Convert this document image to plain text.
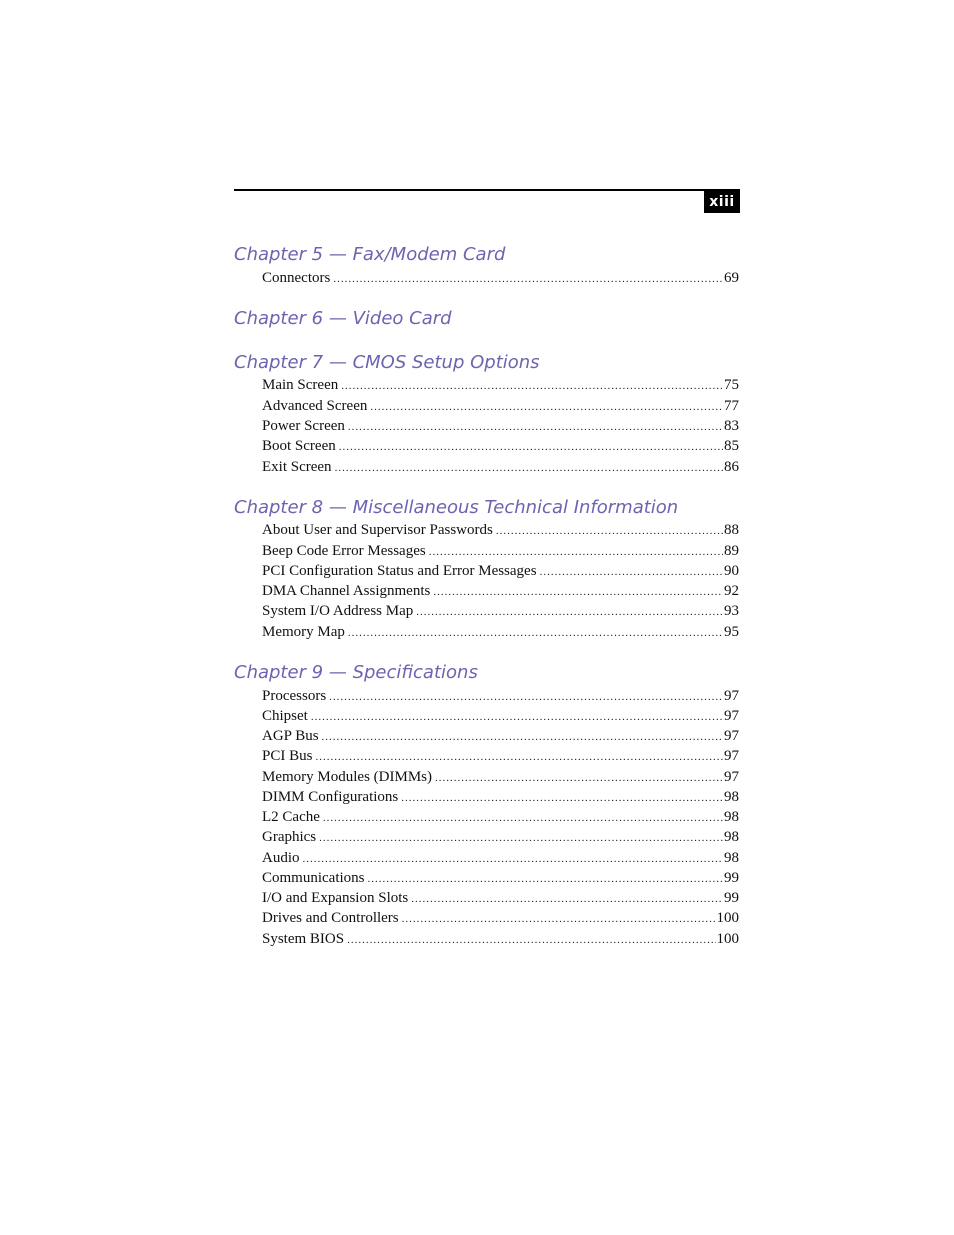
xiii
Chapter 5 — Fax/Modem Card
Connectors .....	69
Chapter 6 — Video Card
Chapter 7 — CMOS Setup Options
Main Screen .....	75
Advanced Screen .....	77
Power Screen .....	83
Boot Screen .....	85
Exit Screen .....	86
Chapter 8 — Miscellaneous Technical Information
About User and Supervisor Passwords .....	88
Beep Code Error Messages .....	89
PCI Configuration Status and Error Messages .....	90
DMA Channel Assignments .....	92
System I/O Address Map .....	93
Memory Map .....	95
Chapter 9 — Specifications
Processors .....	97
Chipset .....	97
AGP Bus .....	97
PCI Bus .....	97
Memory Modules (DIMMs) .....	97
DIMM Configurations .....	98
L2 Cache .....	98
Graphics .....	98
Audio .....	98
Communications .....	99
I/O and Expansion Slots .....	99
Drives and Controllers .....	100
System BIOS .....	100
